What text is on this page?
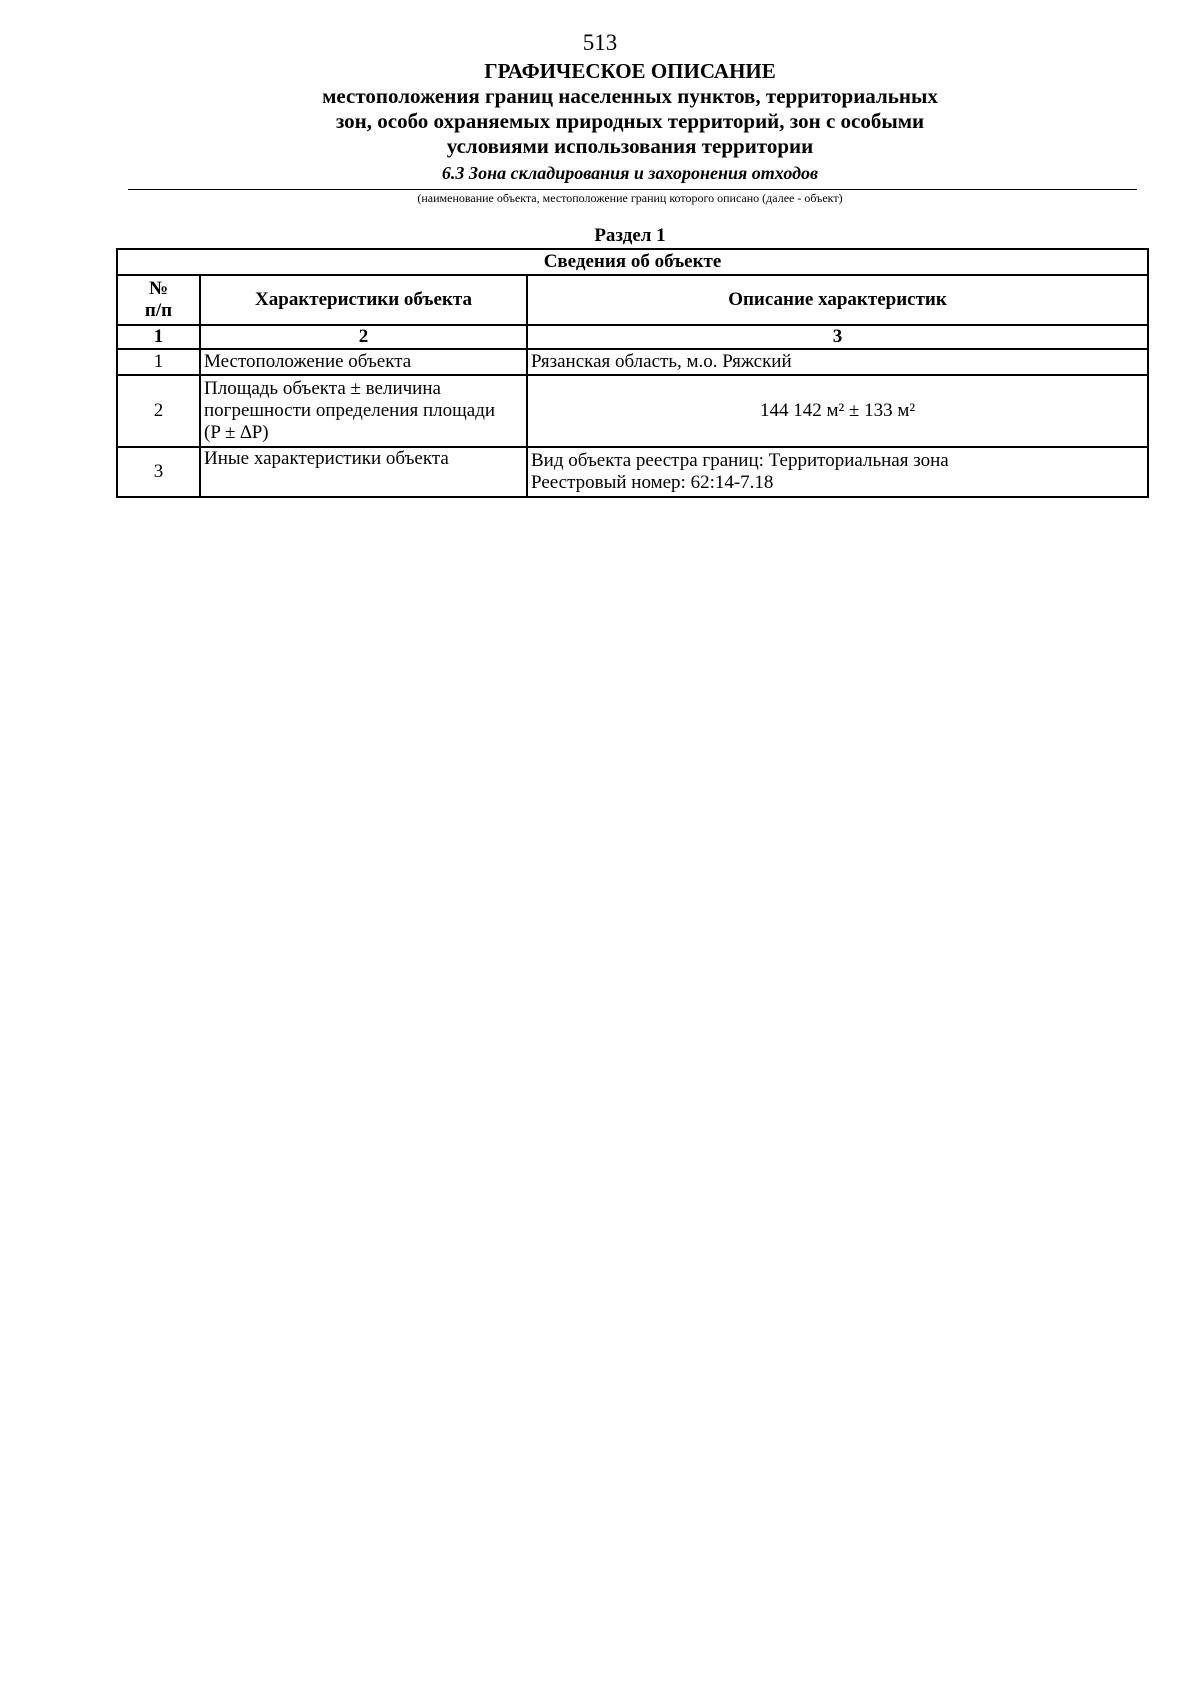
513
ГРАФИЧЕСКОЕ ОПИСАНИЕ
местоположения границ населенных пунктов, территориальных
зон, особо охраняемых природных территорий, зон с особыми
условиями использования территории
6.3 Зона складирования и захоронения отходов
(наименование объекта, местоположение границ которого описано (далее - объект)
Раздел 1
Сведения об объекте		

№
п/п	Характеристики объекта	Описание характеристик
1	2	3
1	Местоположение объекта	Рязанская область, м.о. Ряжский
2	Площадь объекта ± величина
погрешности определения площади
(P ± ∆P)	144 142 м² ± 133 м²
3	Иные характеристики объекта	Вид объекта реестра границ: Территориальная зона
Реестровый номер: 62:14-7.18
